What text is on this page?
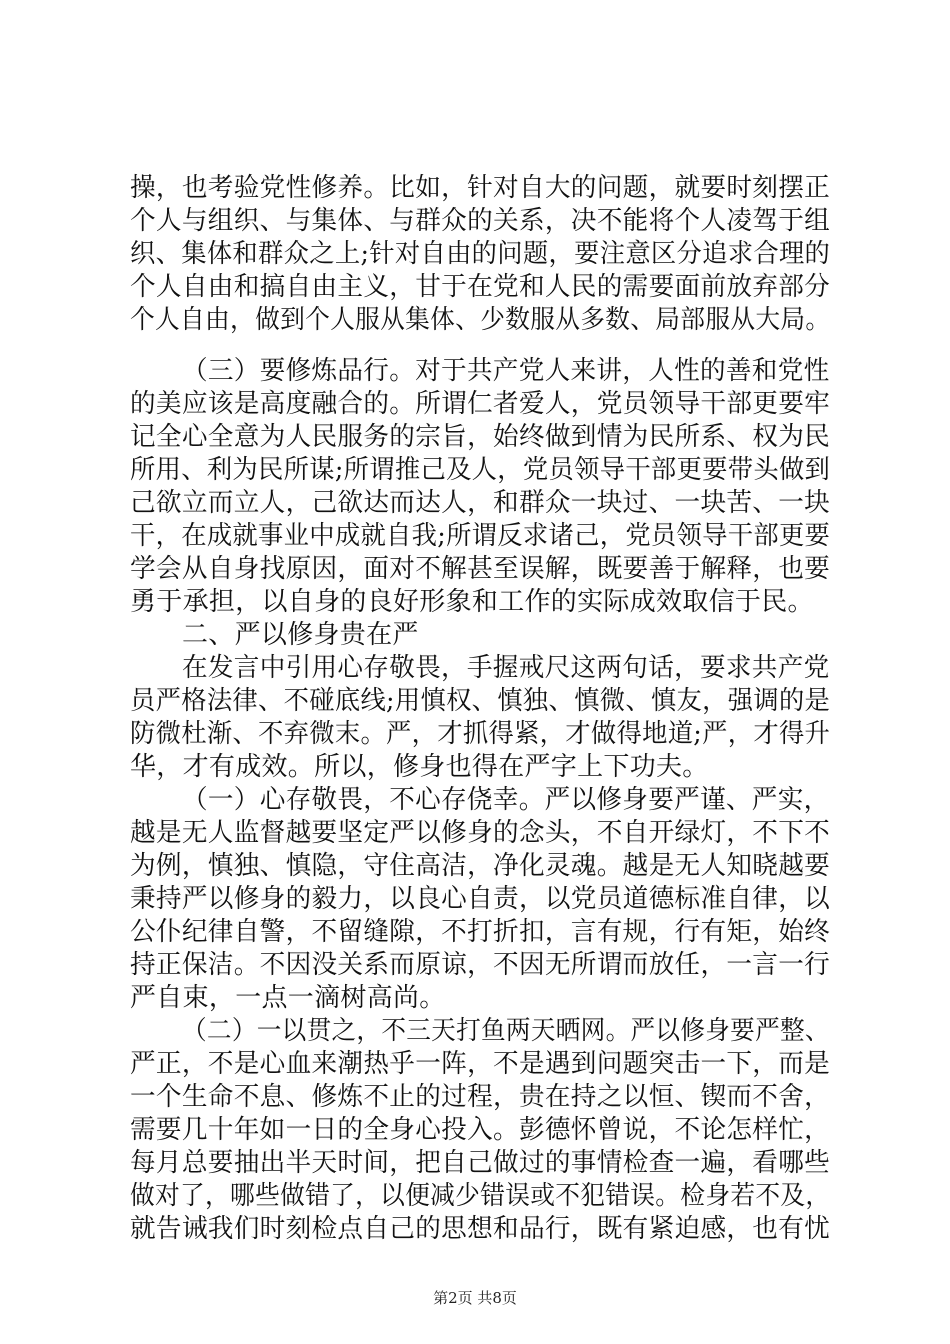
操，也考验党性修养。比如，针对自大的问题，就要时刻摆正
个人与组织、与集体、与群众的关系，决不能将个人凌驾于组
织、集体和群众之上;针对自由的问题，要注意区分追求合理的
个人自由和搞自由主义，甘于在党和人民的需要面前放弃部分
个人自由，做到个人服从集体、少数服从多数、局部服从大局。
（三）要修炼品行。对于共产党人来讲，人性的善和党性
的美应该是高度融合的。所谓仁者爱人，党员领导干部更要牢
记全心全意为人民服务的宗旨，始终做到情为民所系、权为民
所用、利为民所谋;所谓推己及人，党员领导干部更要带头做到
己欲立而立人，己欲达而达人，和群众一块过、一块苦、一块
干，在成就事业中成就自我;所谓反求诸己，党员领导干部更要
学会从自身找原因，面对不解甚至误解，既要善于解释，也要
勇于承担，以自身的良好形象和工作的实际成效取信于民。
二、严以修身贵在严
在发言中引用心存敬畏，手握戒尺这两句话，要求共产党
员严格法律、不碰底线;用慎权、慎独、慎微、慎友，强调的是
防微杜渐、不弃微末。严，才抓得紧，才做得地道;严，才得升
华，才有成效。所以，修身也得在严字上下功夫。
（一）心存敬畏，不心存侥幸。严以修身要严谨、严实，
越是无人监督越要坚定严以修身的念头，不自开绿灯，不下不
为例，慎独、慎隐，守住高洁，净化灵魂。越是无人知晓越要
秉持严以修身的毅力，以良心自责，以党员道德标准自律，以
公仆纪律自警，不留缝隙，不打折扣，言有规，行有矩，始终
持正保洁。不因没关系而原谅，不因无所谓而放任，一言一行
严自束，一点一滴树高尚。
（二）一以贯之，不三天打鱼两天晒网。严以修身要严整、
严正，不是心血来潮热乎一阵，不是遇到问题突击一下，而是
一个生命不息、修炼不止的过程，贵在持之以恒、锲而不舍，
需要几十年如一日的全身心投入。彭德怀曾说，不论怎样忙，
每月总要抽出半天时间，把自己做过的事情检查一遍，看哪些
做对了，哪些做错了，以便减少错误或不犯错误。检身若不及，
就告诫我们时刻检点自己的思想和品行，既有紧迫感，也有忧
第2页 共8页
